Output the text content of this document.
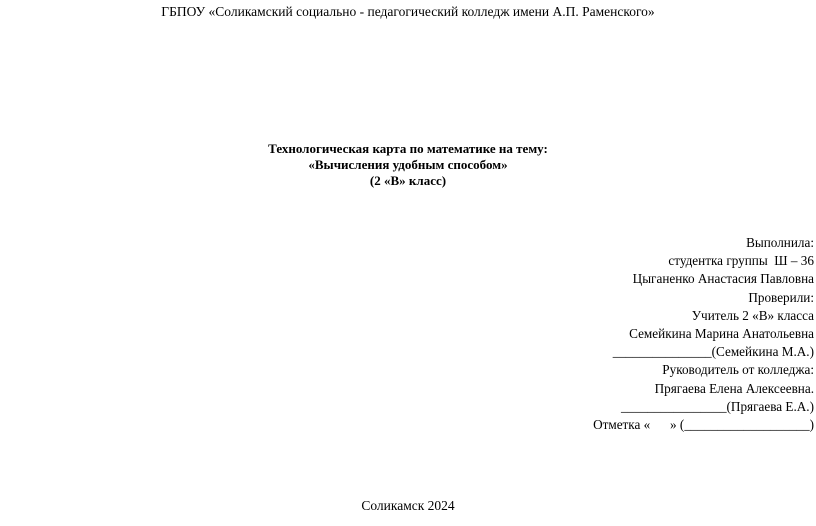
ГБПОУ «Соликамский социально - педагогический колледж имени А.П. Раменского»
Технологическая карта по математике на тему:
«Вычисления удобным способом»
(2 «В» класс)
Выполнила:
студентка группы  Ш – 36
Цыганенко Анастасия Павловна
Проверили:
Учитель 2 «В» класса
Семейкина Марина Анатольевна
_______________(Семейкина М.А.)
Руководитель от колледжа:
Прягаева Елена Алексеевна.
________________(Прягаева Е.А.)
Отметка «      » (___________________)
Соликамск 2024
